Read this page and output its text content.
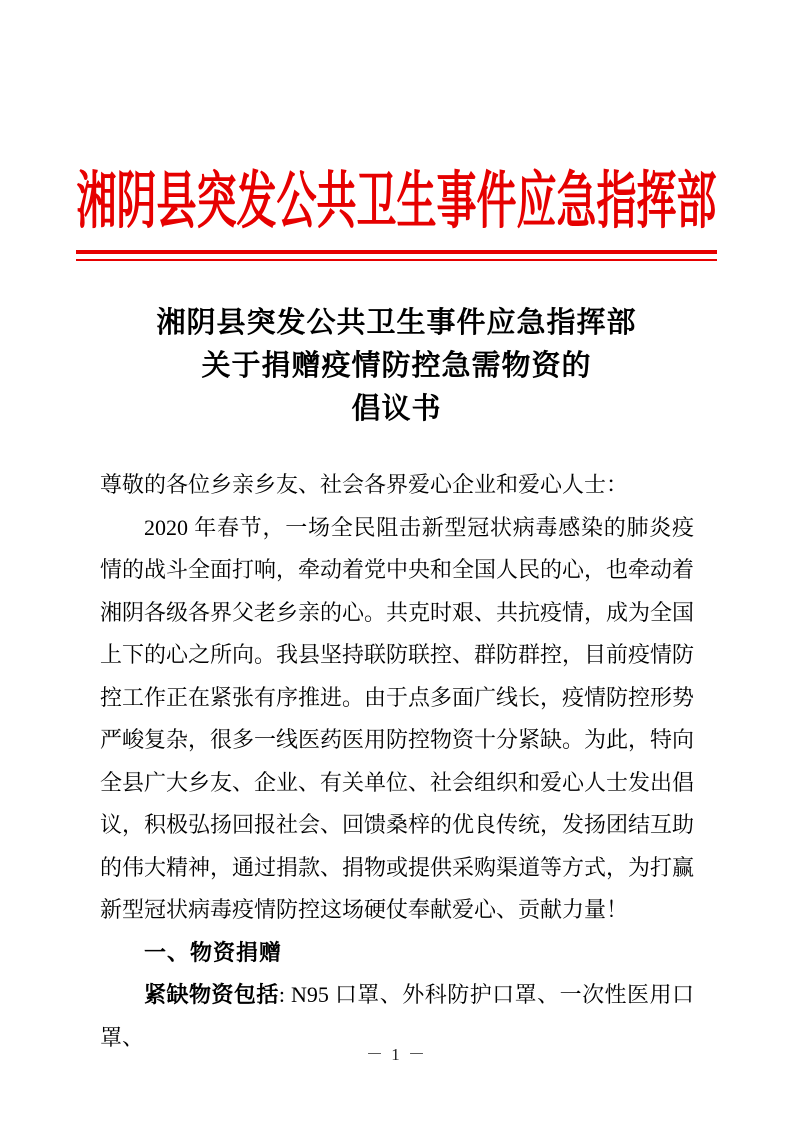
湘阴县突发公共卫生事件应急指挥部
湘阴县突发公共卫生事件应急指挥部
关于捐赠疫情防控急需物资的
倡议书

尊敬的各位乡亲乡友、社会各界爱心企业和爱心人士：

2020 年春节，一场全民阻击新型冠状病毒感染的肺炎疫情的战斗全面打响，牵动着党中央和全国人民的心，也牵动着湘阴各级各界父老乡亲的心。共克时艰、共抗疫情，成为全国上下的心之所向。我县坚持联防联控、群防群控，目前疫情防控工作正在紧张有序推进。由于点多面广线长，疫情防控形势严峻复杂，很多一线医药医用防控物资十分紧缺。为此，特向全县广大乡友、企业、有关单位、社会组织和爱心人士发出倡议，积极弘扬回报社会、回馈桑梓的优良传统，发扬团结互助的伟大精神，通过捐款、捐物或提供采购渠道等方式，为打赢新型冠状病毒疫情防控这场硬仗奉献爱心、贡献力量！

一、物资捐赠

紧缺物资包括: N95 口罩、外科防护口罩、一次性医用口罩、

－ 1 －
